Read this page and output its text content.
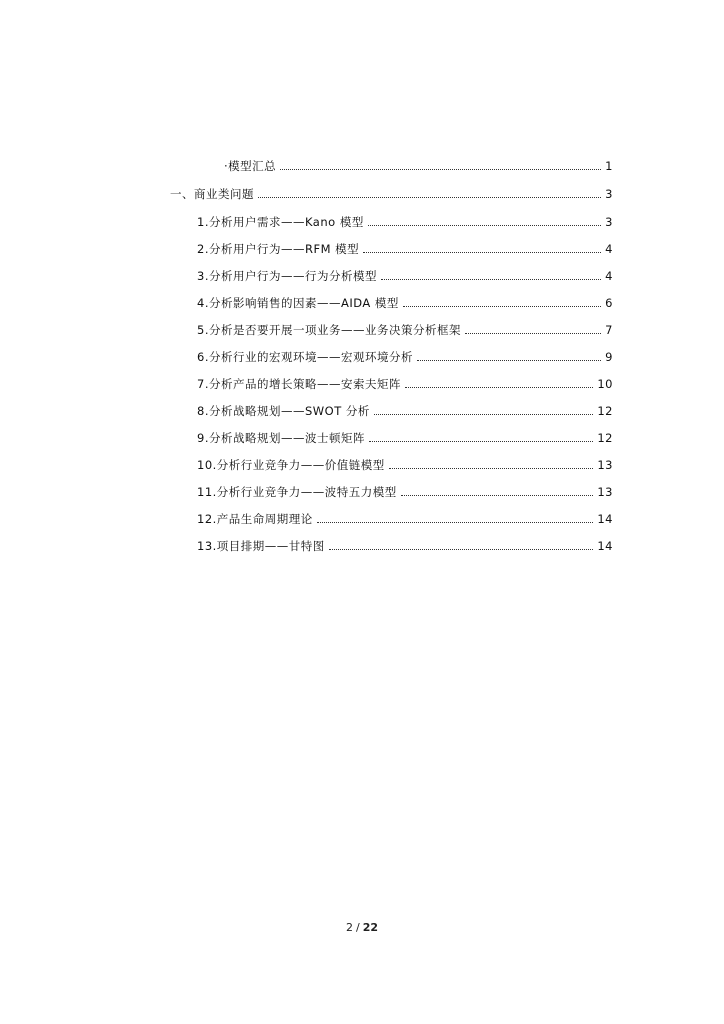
·模型汇总	1
一、商业类问题	3
1.分析用户需求——Kano 模型	3
2.分析用户行为——RFM 模型	4
3.分析用户行为——行为分析模型	4
4.分析影响销售的因素——AIDA 模型	6
5.分析是否要开展一项业务——业务决策分析框架	7
6.分析行业的宏观环境——宏观环境分析	9
7.分析产品的增长策略——安索夫矩阵	10
8.分析战略规划——SWOT 分析	12
9.分析战略规划——波士顿矩阵	12
10.分析行业竞争力——价值链模型	13
11.分析行业竞争力——波特五力模型	13
12.产品生命周期理论	14
13.项目排期——甘特图	14
2 / 22
